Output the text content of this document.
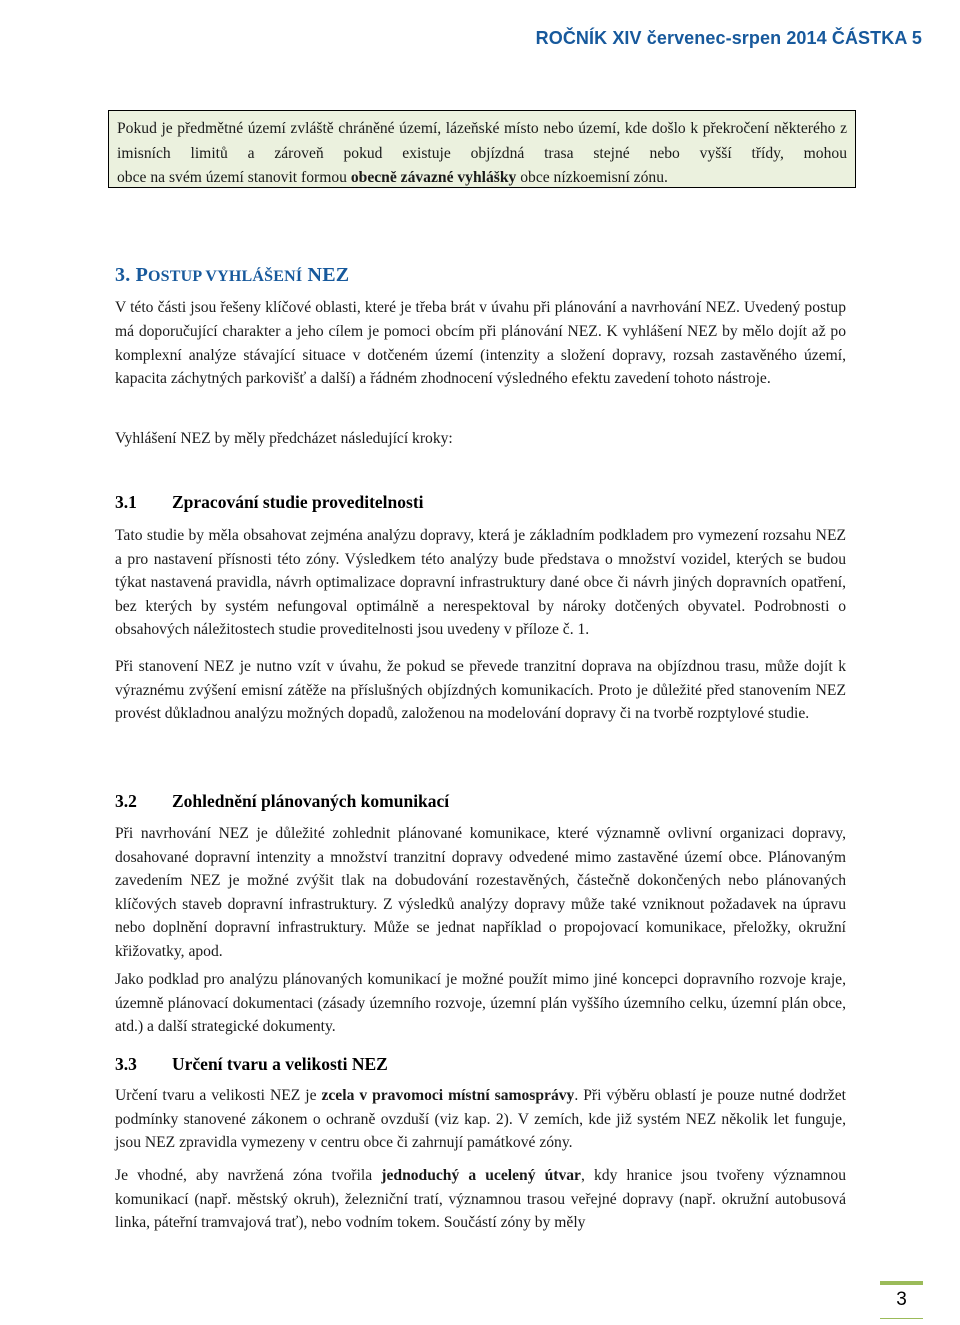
ROČNÍK XIV červenec-srpen 2014 ČÁSTKA 5
Pokud je předmětné území zvláště chráněné území, lázeňské místo nebo území, kde došlo k překročení některého z imisních limitů a zároveň pokud existuje objízdná trasa stejné nebo vyšší třídy, mohou
obce na svém území stanovit formou obecně závazné vyhlášky obce nízkoemisní zónu.
3. POSTUP VYHLÁŠENÍ NEZ

V této části jsou řešeny klíčové oblasti, které je třeba brát v úvahu při plánování a navrhování NEZ. Uvedený postup má doporučující charakter a jeho cílem je pomoci obcím při plánování NEZ. K vyhlášení NEZ by mělo dojít až po komplexní analýze stávající situace v dotčeném území (intenzity a složení dopravy, rozsah zastavěného území, kapacita záchytných parkovišť a další) a řádném zhodnocení výsledného efektu zavedení tohoto nástroje.

Vyhlášení NEZ by měly předcházet následující kroky:

3.1	Zpracování studie proveditelnosti

Tato studie by měla obsahovat zejména analýzu dopravy, která je základním podkladem pro vymezení rozsahu NEZ a pro nastavení přísnosti této zóny. Výsledkem této analýzy bude představa o množství vozidel, kterých se budou týkat nastavená pravidla, návrh optimalizace dopravní infrastruktury dané obce či návrh jiných dopravních opatření, bez kterých by systém nefungoval optimálně a nerespektoval by nároky dotčených obyvatel. Podrobnosti o obsahových náležitostech studie proveditelnosti jsou uvedeny v příloze č. 1.

Při stanovení NEZ je nutno vzít v úvahu, že pokud se převede tranzitní doprava na objízdnou trasu, může dojít k výraznému zvýšení emisní zátěže na příslušných objízdných komunikacích. Proto je důležité před stanovením NEZ provést důkladnou analýzu možných dopadů, založenou na modelování dopravy či na tvorbě rozptylové studie.

3.2	Zohlednění plánovaných komunikací

Při navrhování NEZ je důležité zohlednit plánované komunikace, které významně ovlivní organizaci dopravy, dosahované dopravní intenzity a množství tranzitní dopravy odvedené mimo zastavěné území obce. Plánovaným zavedením NEZ je možné zvýšit tlak na dobudování rozestavěných, částečně dokončených nebo plánovaných klíčových staveb dopravní infrastruktury. Z výsledků analýzy dopravy může také vzniknout požadavek na úpravu nebo doplnění dopravní infrastruktury. Může se jednat například o propojovací komunikace, přeložky, okružní křižovatky, apod.

Jako podklad pro analýzu plánovaných komunikací je možné použít mimo jiné koncepci dopravního rozvoje kraje, územně plánovací dokumentaci (zásady územního rozvoje, územní plán vyššího územního celku, územní plán obce, atd.) a další strategické dokumenty.

3.3	Určení tvaru a velikosti NEZ

Určení tvaru a velikosti NEZ je zcela v pravomoci místní samosprávy. Při výběru oblastí je pouze nutné dodržet podmínky stanovené zákonem o ochraně ovzduší (viz kap. 2). V zemích, kde již systém NEZ několik let funguje, jsou NEZ zpravidla vymezeny v centru obce či zahrnují památkové zóny.

Je vhodné, aby navržená zóna tvořila jednoduchý a ucelený útvar, kdy hranice jsou tvořeny významnou komunikací (např. městský okruh), železniční tratí, významnou trasou veřejné dopravy (např. okružní autobusová linka, páteřní tramvajová trať), nebo vodním tokem. Součástí zóny by měly

3
